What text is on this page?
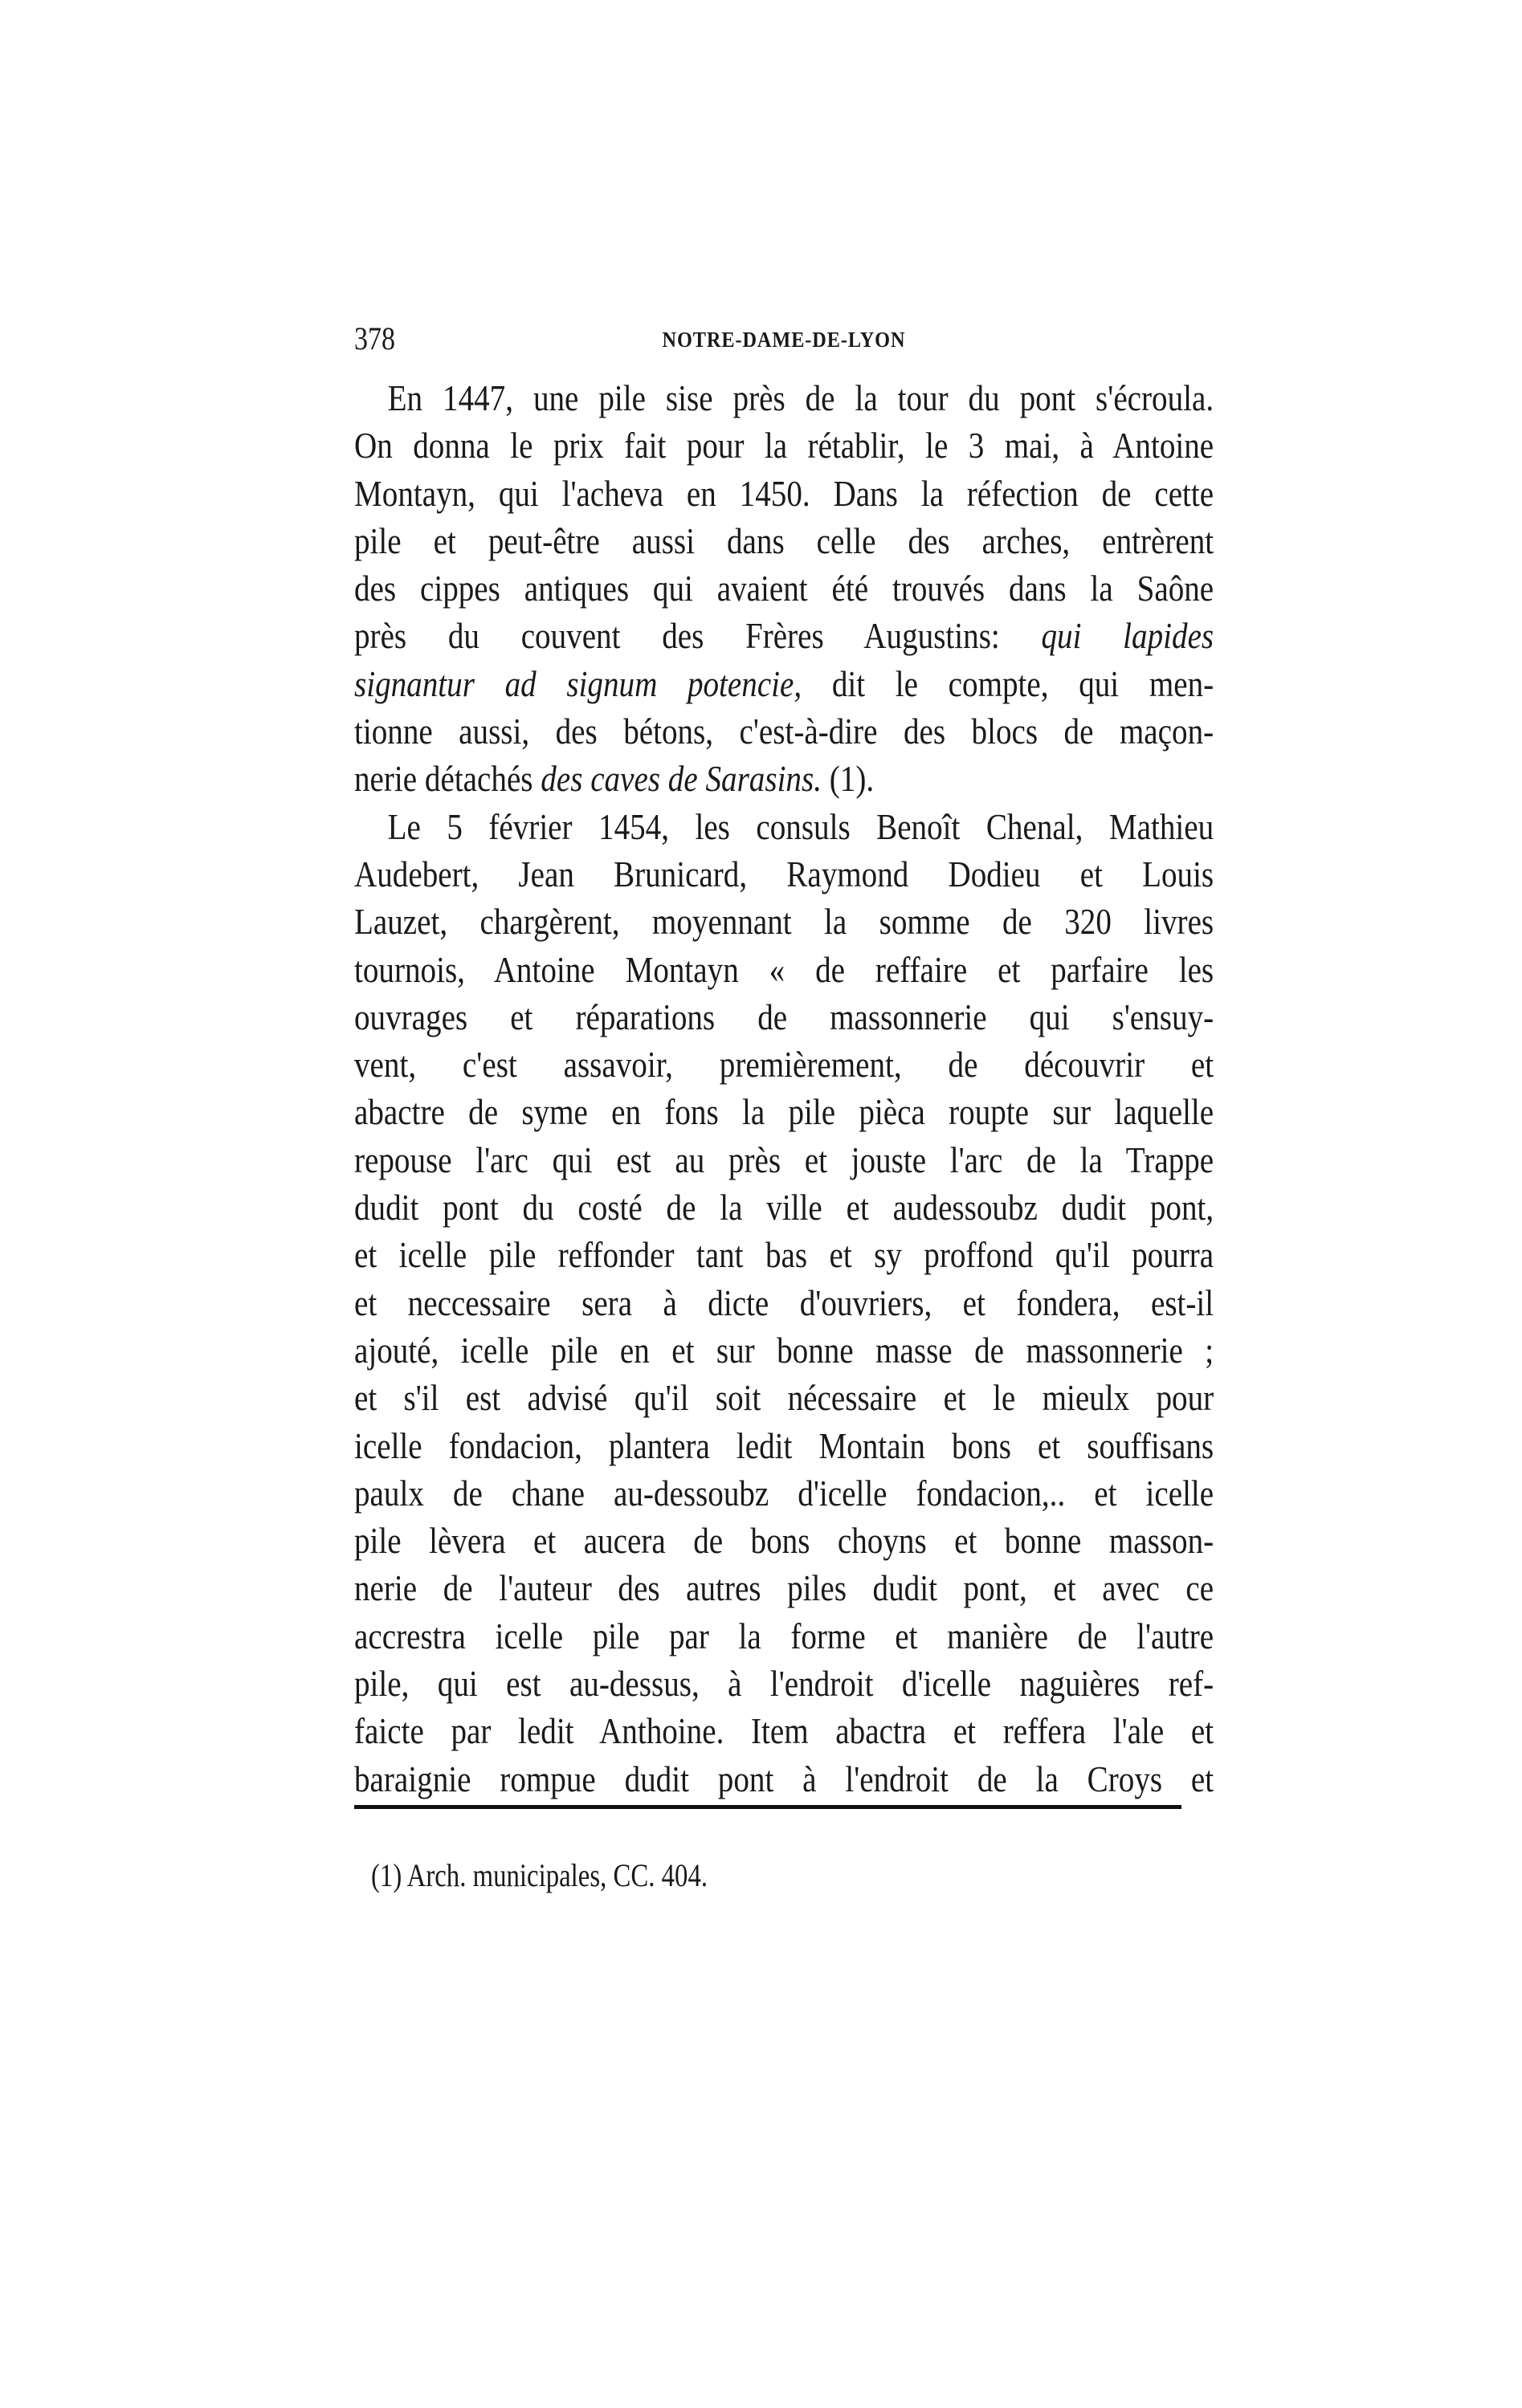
378	NOTRE-DAME-DE-LYON
En 1447, une pile sise près de la tour du pont s'écroula.
On donna le prix fait pour la rétablir, le 3 mai, à Antoine
Montayn, qui l'acheva en 1450. Dans la réfection de cette
pile et peut-être aussi dans celle des arches, entrèrent
des cippes antiques qui avaient été trouvés dans la Saône
près du couvent des Frères Augustins: qui lapides
signantur ad signum potencie, dit le compte, qui men-
tionne aussi, des bétons, c'est-à-dire des blocs de maçon-
nerie détachés des caves de Sarasins. (1).
Le 5 février 1454, les consuls Benoît Chenal, Mathieu
Audebert, Jean Brunicard, Raymond Dodieu et Louis
Lauzet, chargèrent, moyennant la somme de 320 livres
tournois, Antoine Montayn « de reffaire et parfaire les
ouvrages et réparations de massonnerie qui s'ensuy-
vent, c'est assavoir, premièrement, de découvrir et
abactre de syme en fons la pile pièca roupte sur laquelle
repouse l'arc qui est au près et jouste l'arc de la Trappe
dudit pont du costé de la ville et audessoubz dudit pont,
et icelle pile reffonder tant bas et sy proffond qu'il pourra
et neccessaire sera à dicte d'ouvriers, et fondera, est-il
ajouté, icelle pile en et sur bonne masse de massonnerie ;
et s'il est advisé qu'il soit nécessaire et le mieulx pour
icelle fondacion, plantera ledit Montain bons et souffisans
paulx de chane au-dessoubz d'icelle fondacion,.. et icelle
pile lèvera et aucera de bons choyns et bonne masson-
nerie de l'auteur des autres piles dudit pont, et avec ce
accrestra icelle pile par la forme et manière de l'autre
pile, qui est au-dessus, à l'endroit d'icelle naguières ref-
faicte par ledit Anthoine. Item abactra et reffera l'ale et
baraignie rompue dudit pont à l'endroit de la Croys et
(1) Arch. municipales, CC. 404.
